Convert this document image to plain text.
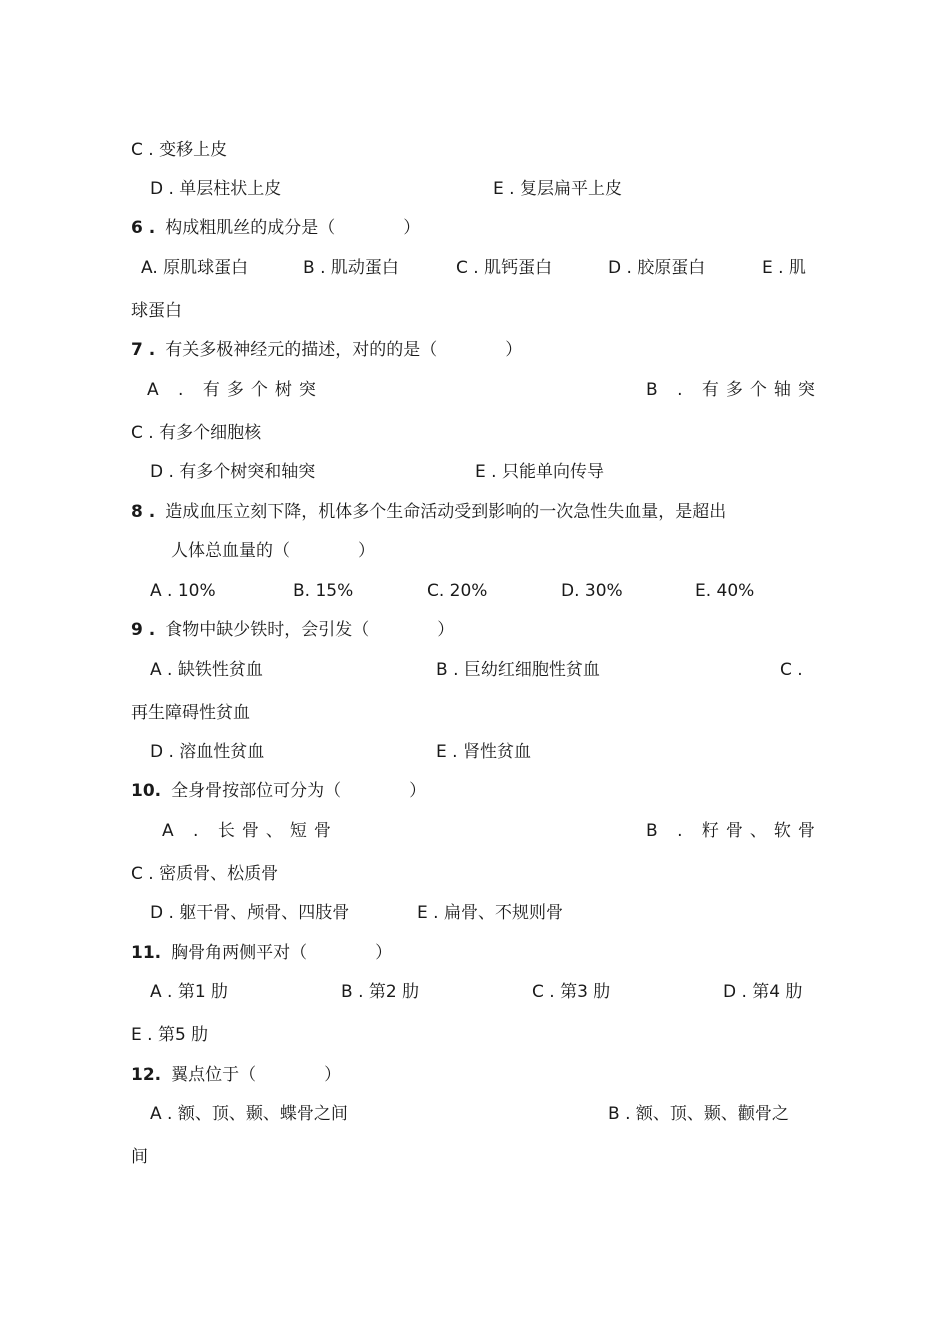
C . 变移上皮
D . 单层柱状上皮	E . 复层扁平上皮
6 . 构成粗肌丝的成分是（　　　　）
A. 原肌球蛋白	B . 肌动蛋白	C . 肌钙蛋白	D . 胶原蛋白	E . 肌
球蛋白
7 . 有关多极神经元的描述，对的的是（　　　　）
A . 有多个树突	B . 有多个轴突
C . 有多个细胞核
D . 有多个树突和轴突	E . 只能单向传导
8 . 造成血压立刻下降，机体多个生命活动受到影响的一次急性失血量，是超出
人体总血量的（　　　　）
A . 10%	B. 15%	C. 20%	D. 30%	E. 40%
9 . 食物中缺少铁时，会引发（　　　　）
A . 缺铁性贫血	B . 巨幼红细胞性贫血	C .
再生障碍性贫血
D . 溶血性贫血	E . 肾性贫血
10. 全身骨按部位可分为（　　　　）
A . 长骨、短骨	B . 籽骨、软骨
C . 密质骨、松质骨
D . 躯干骨、颅骨、四肢骨	E . 扁骨、不规则骨
11. 胸骨角两侧平对（　　　　）
A . 第1 肋	B . 第2 肋	C . 第3 肋	D . 第4 肋
E . 第5 肋
12. 翼点位于（　　　　）
A . 额、顶、颞、蝶骨之间	B . 额、顶、颞、颧骨之
间
